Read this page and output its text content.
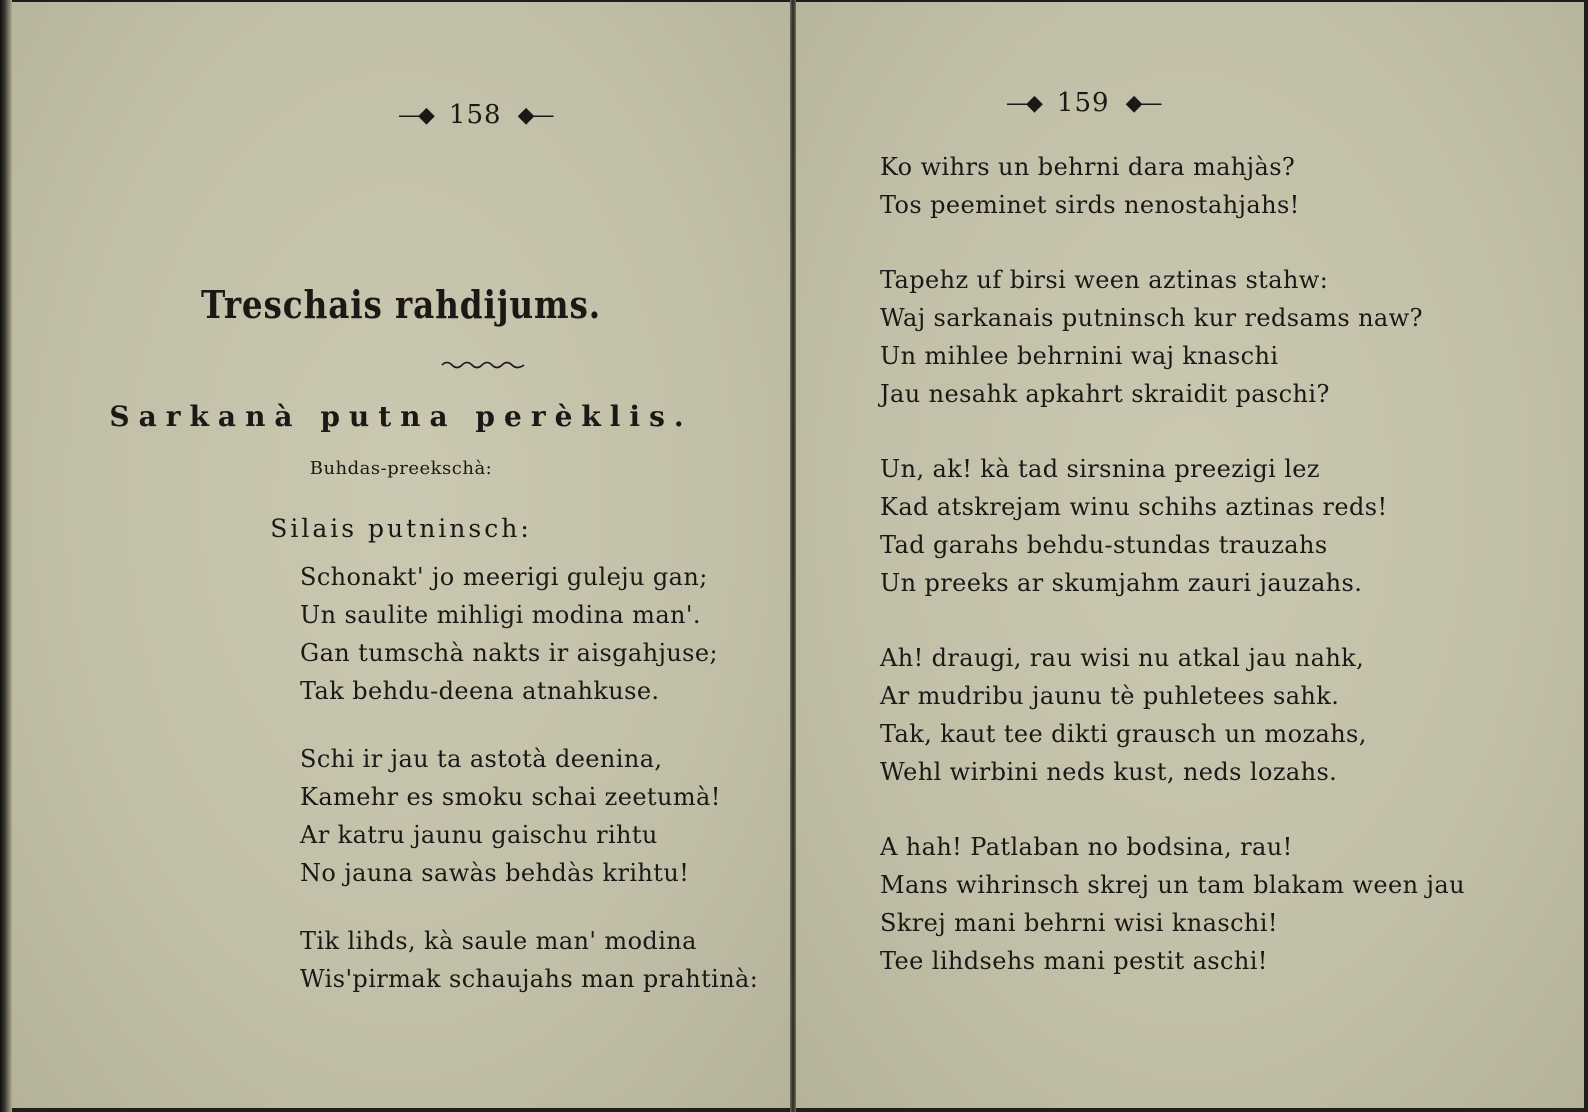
—◆ 158 ◆—
Treschais rahdijums.
Sarkanà putna perèklis.
Buhdas-preekschà:
Silais putninsch:
Schonakt' jo meerigi guleju gan;
Un saulite mihligi modina man'.
Gan tumschà nakts ir aisgahjuse;
Tak behdu-deena atnahkuse.
Schi ir jau ta astotà deenina,
Kamehr es smoku schai zeetumà!
Ar katru jaunu gaischu rihtu
No jauna sawàs behdàs krihtu!
Tik lihds, kà saule man' modina
Wis'pirmak schaujahs man prahtinà:
—◆ 159 ◆—
Ko wihrs un behrni dara mahjàs?
Tos peeminet sirds nenostahjahs!
Tapehz uf birsi ween aztinas stahw:
Waj sarkanais putninsch kur redsams naw?
Un mihlee behrnini waj knaschi
Jau nesahk apkahrt skraidit paschi?
Un, ak! kà tad sirsnina preezigi lez
Kad atskrejam winu schihs aztinas reds!
Tad garahs behdu-stundas trauzahs
Un preeks ar skumjahm zauri jauzahs.
Ah! draugi, rau wisi nu atkal jau nahk,
Ar mudribu jaunu tè puhletees sahk.
Tak, kaut tee dikti grausch un mozahs,
Wehl wirbini neds kust, neds lozahs.
A hah! Patlaban no bodsina, rau!
Mans wihrinsch skrej un tam blakam ween jau
Skrej mani behrni wisi knaschi!
Tee lihdsehs mani pestit aschi!
